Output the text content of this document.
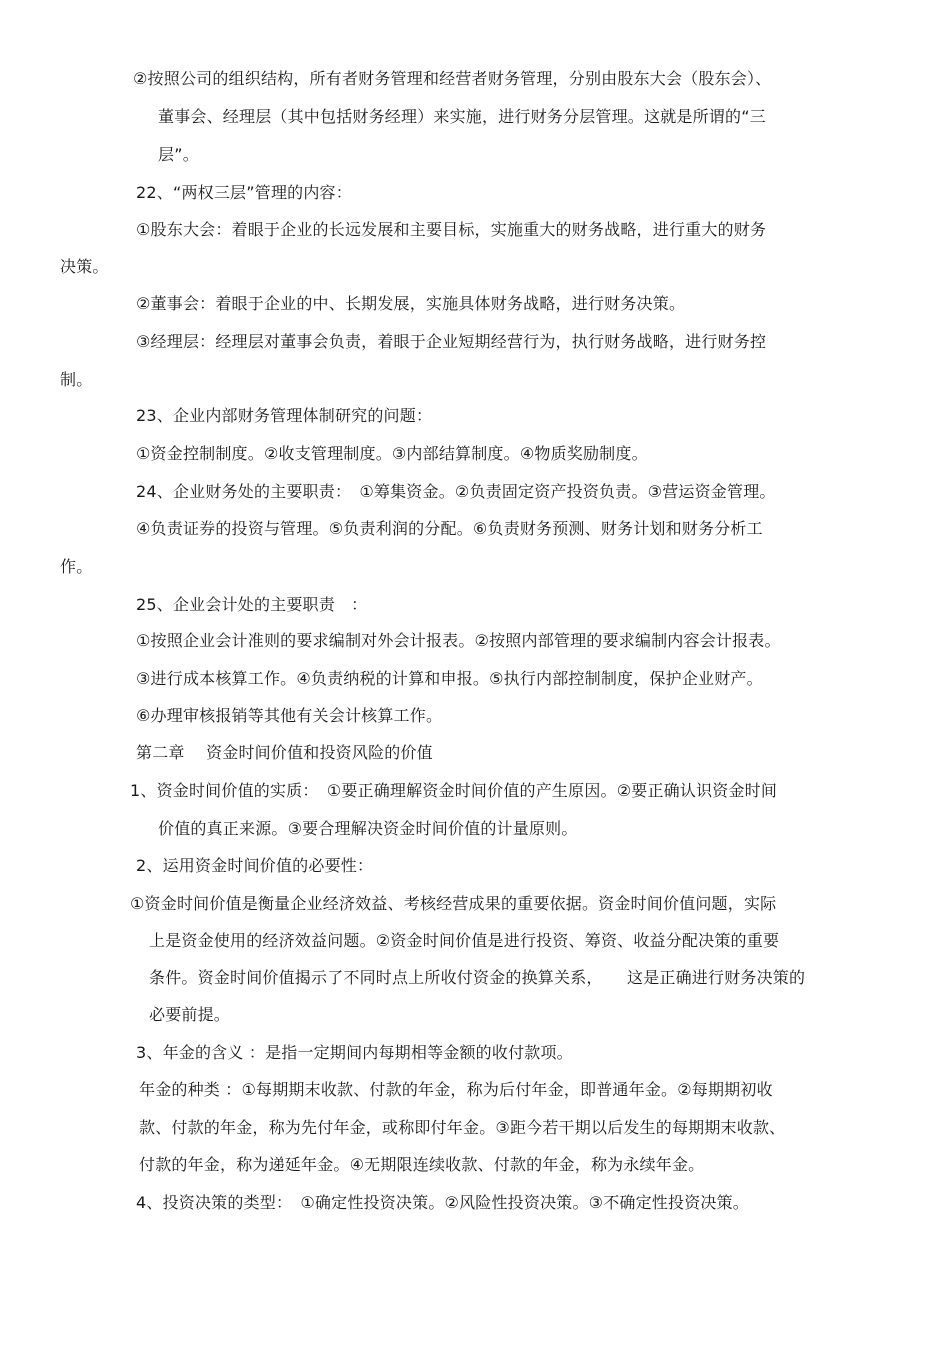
②按照公司的组织结构，所有者财务管理和经营者财务管理，分别由股东大会（股东会）、
董事会、经理层（其中包括财务经理）来实施，进行财务分层管理。这就是所谓的“三
层”。
22、“两权三层”管理的内容：
①股东大会：着眼于企业的长远发展和主要目标，实施重大的财务战略，进行重大的财务
决策。
②董事会：着眼于企业的中、长期发展，实施具体财务战略，进行财务决策。
③经理层：经理层对董事会负责，着眼于企业短期经营行为，执行财务战略，进行财务控
制。
23、企业内部财务管理体制研究的问题：
①资金控制制度。②收支管理制度。③内部结算制度。④物质奖励制度。
24、企业财务处的主要职责：　①筹集资金。②负责固定资产投资负责。③营运资金管理。
④负责证券的投资与管理。⑤负责利润的分配。⑥负责财务预测、财务计划和财务分析工
作。
25、企业会计处的主要职责　：
①按照企业会计准则的要求编制对外会计报表。②按照内部管理的要求编制内容会计报表。
③进行成本核算工作。④负责纳税的计算和申报。⑤执行内部控制制度，保护企业财产。
⑥办理审核报销等其他有关会计核算工作。
第二章　 资金时间价值和投资风险的价值
1、资金时间价值的实质：　①要正确理解资金时间价值的产生原因。②要正确认识资金时间
价值的真正来源。③要合理解决资金时间价值的计量原则。
2、运用资金时间价值的必要性：
①资金时间价值是衡量企业经济效益、考核经营成果的重要依据。资金时间价值问题，实际
上是资金使用的经济效益问题。②资金时间价值是进行投资、筹资、收益分配决策的重要
条件。资金时间价值揭示了不同时点上所收付资金的换算关系，　　这是正确进行财务决策的
必要前提。
3、年金的含义 ：是指一定期间内每期相等金额的收付款项。
年金的种类 ：①每期期末收款、付款的年金，称为后付年金，即普通年金。②每期期初收
款、付款的年金，称为先付年金，或称即付年金。③距今若干期以后发生的每期期末收款、
付款的年金，称为递延年金。④无期限连续收款、付款的年金，称为永续年金。
4、投资决策的类型：　①确定性投资决策。②风险性投资决策。③不确定性投资决策。
